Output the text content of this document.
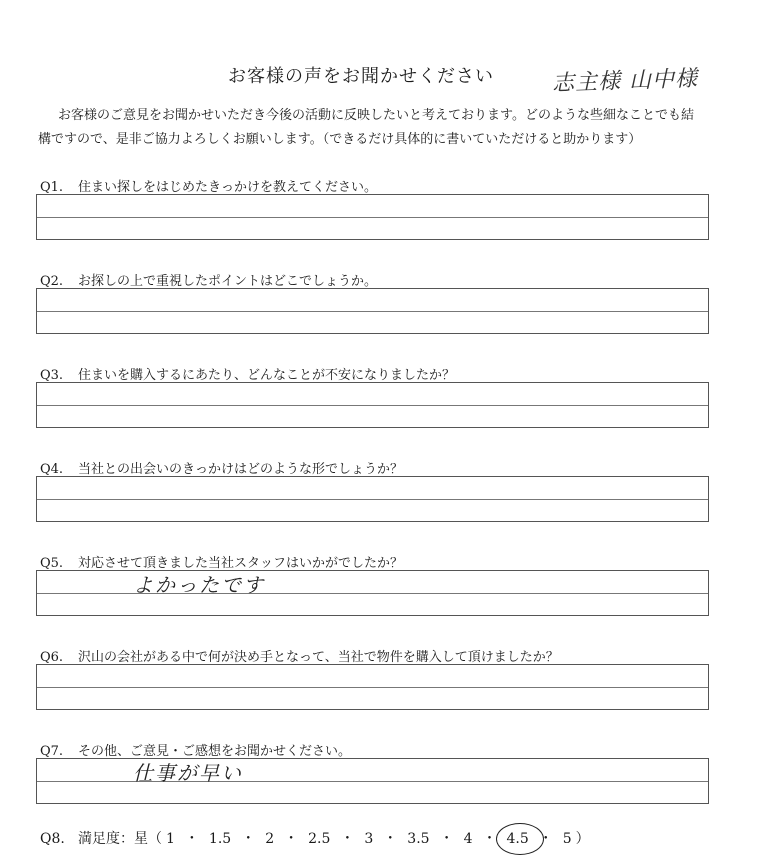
お客様の声をお聞かせください	志主様 山中様
お客様のご意見をお聞かせいただき今後の活動に反映したいと考えております。どのような些細なことでも結
構ですので、是非ご協力よろしくお願いします。（できるだけ具体的に書いていただけると助かります）
Q1. 住まい探しをはじめたきっかけを教えてください。
Q2. お探しの上で重視したポイントはどこでしょうか。
Q3. 住まいを購入するにあたり、どんなことが不安になりましたか？
Q4. 当社との出会いのきっかけはどのような形でしょうか？
Q5. 対応させて頂きました当社スタッフはいかがでしたか？
よかったです
Q6. 沢山の会社がある中で何が決め手となって、当社で物件を購入して頂けましたか？
Q7. その他、ご意見・ご感想をお聞かせください。
仕事が早い
Q8. 満足度：星（ 1 ・ 1.5 ・ 2 ・ 2.5 ・ 3 ・ 3.5 ・ 4 ・ 4.5 ・ 5 ）
